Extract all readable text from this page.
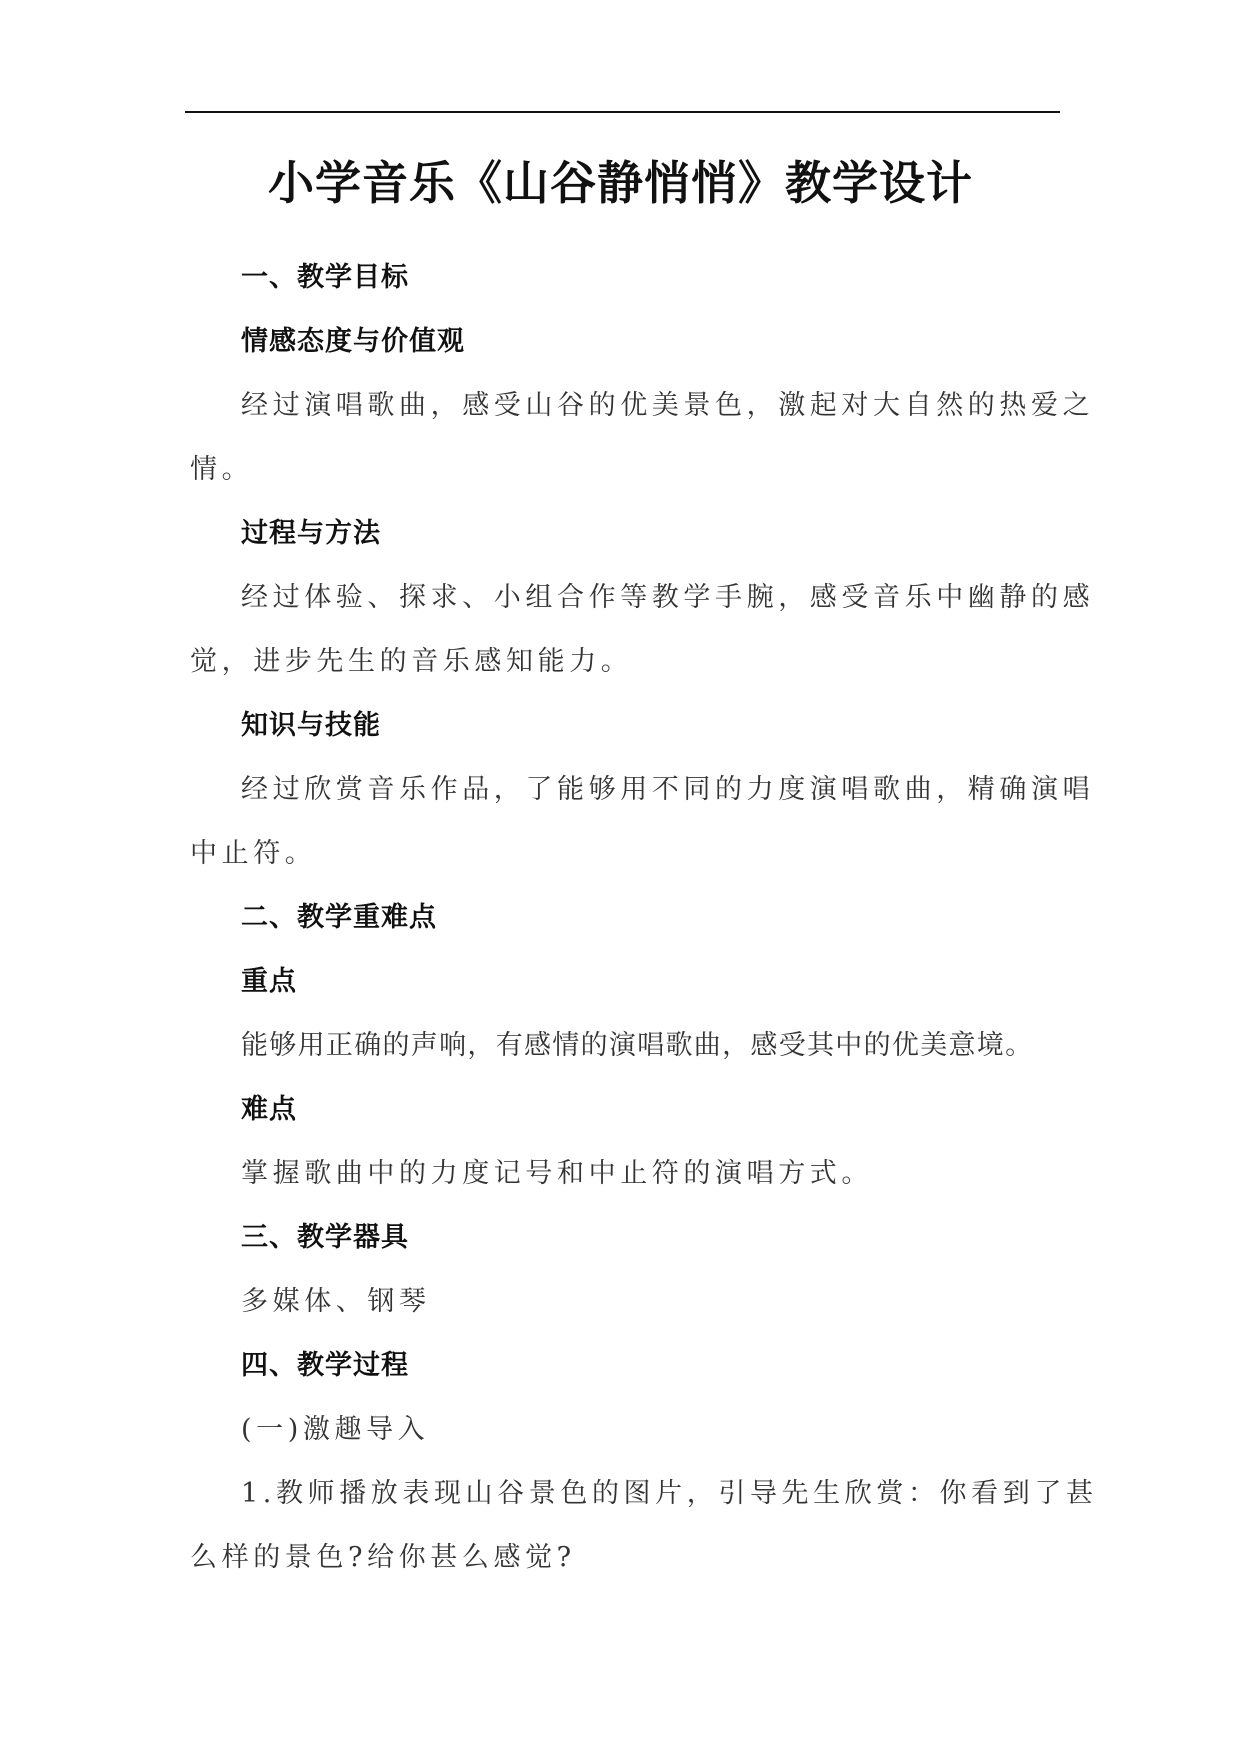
小学音乐《山谷静悄悄》教学设计
一、教学目标
情感态度与价值观
经过演唱歌曲，感受山谷的优美景色，激起对大自然的热爱之
情。
过程与方法
经过体验、探求、小组合作等教学手腕，感受音乐中幽静的感
觉，进步先生的音乐感知能力。
知识与技能
经过欣赏音乐作品，了能够用不同的力度演唱歌曲，精确演唱
中止符。
二、教学重难点
重点
能够用正确的声响，有感情的演唱歌曲，感受其中的优美意境。
难点
掌握歌曲中的力度记号和中止符的演唱方式。
三、教学器具
多媒体、钢琴
四、教学过程
(一)激趣导入
1.教师播放表现山谷景色的图片，引导先生欣赏：你看到了甚
么样的景色?给你甚么感觉?
